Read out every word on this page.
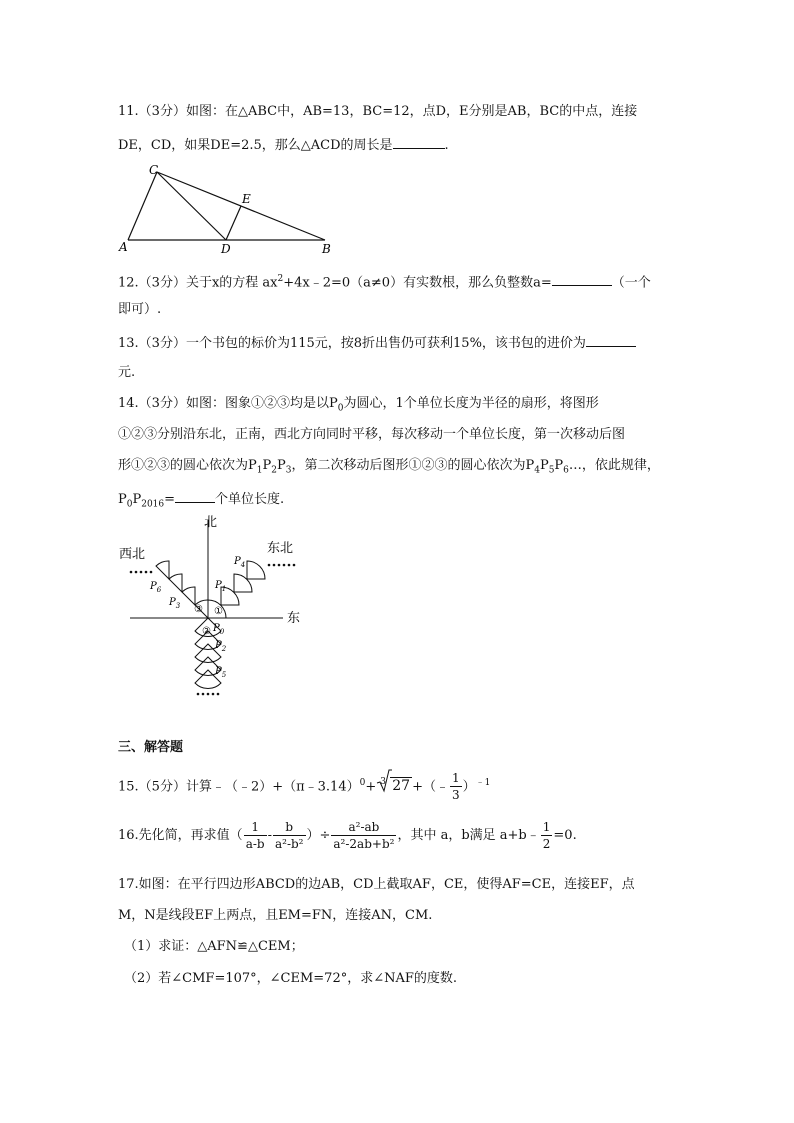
11.（3分）如图：在△ABC中，AB=13，BC=12，点D，E分别是AB，BC的中点，连接
DE，CD，如果DE=2.5，那么△ACD的周长是	.
C
E
A	D	B
12.（3分）关于x的方程 $ax^2+4x﹣2=0(a\ne 0)$有实数根，那么负整数a=	（一个
即可）.
13.（3分）一个书包的标价为115元，按8折出售仍可获利15%，该书包的进价为
元.
14.（3分）如图：图象①②③均是以$P_0$为圆心，1个单位长度为半径的扇形，将图形
①②③分别沿东北，正南，西北方向同时平移，每次移动一个单位长度，第一次移动后图
形①②③的圆心依次为$P_1P_2P_3$，第二次移动后图形①②③的圆心依次为$P_4P_5P_6\dots$，依此规律，
$P_0P_{2016}=$	个单位长度.
北
东
东北
西北
$P_0$
$P_1$
$P_2$
$P_3$
$P_4$
$P_5$
$P_6$
①
③
②
三、解答题
15.（5分）计算﹣（﹣2）+（π﹣3.14）$^0$+ 3 27 +（﹣ $\frac{1}{3} )^{﹣1}$
16.先化简，再求值（ $\frac{1}{a-b} - \frac{b}{\text{a²-b²}}$ ）÷ $\frac{\text{a²-ab}}{\text{a²-2ab+b²}}$ ，其中 a，b满足 a+b﹣ $\frac{1}{2} =0$.
17.如图：在平行四边形ABCD的边AB，CD上截取AF，CE，使得AF=CE，连接EF，点
M，N是线段EF上两点，且EM=FN，连接AN，CM.
（1）求证：△AFN≌△CEM；
（2）若∠CMF=107°，∠CEM=72°，求∠NAF的度数.
